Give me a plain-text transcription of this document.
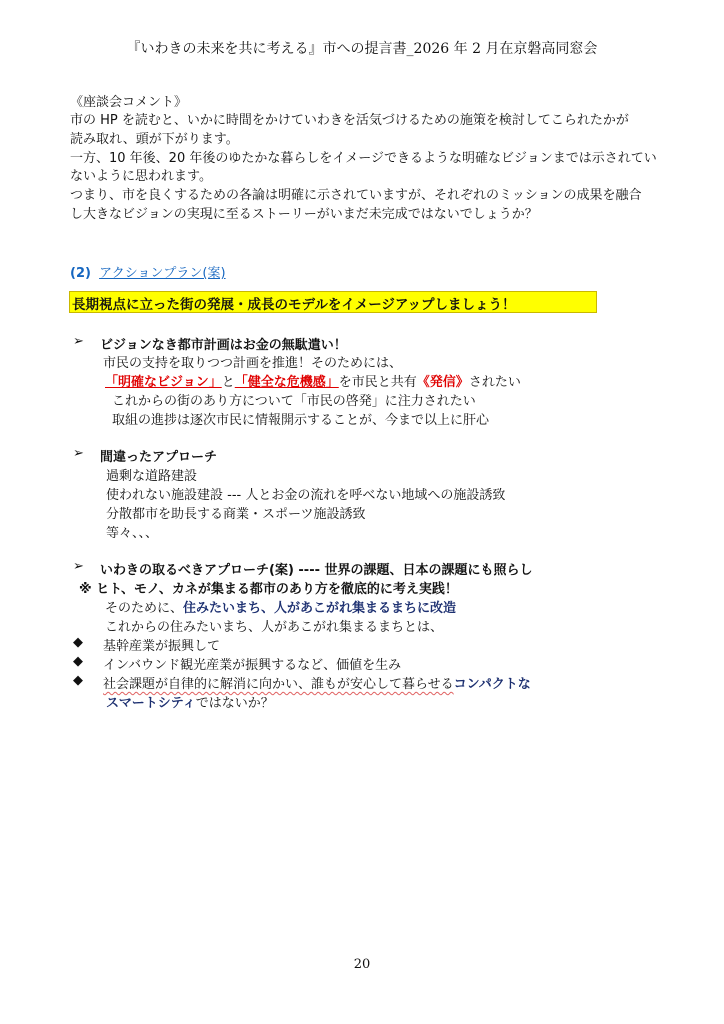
『いわきの未来を共に考える』市への提言書_2026 年 2 月在京磐高同窓会
《座談会コメント》
市の HP を読むと、いかに時間をかけていわきを活気づけるための施策を検討してこられたかが
読み取れ、頭が下がります。
一方、10 年後、20 年後のゆたかな暮らしをイメージできるような明確なビジョンまでは示されてい
ないように思われます。
つまり、市を良くするための各論は明確に示されていますが、それぞれのミッションの成果を融合
し大きなビジョンの実現に至るストーリーがいまだ未完成ではないでしょうか？
(2) アクションプラン(案)
長期視点に立った街の発展・成長のモデルをイメージアップしましょう！
➢ ビジョンなき都市計画はお金の無駄遣い！
市民の支持を取りつつ計画を推進！そのためには、
「明確なビジョン」と「健全な危機感」を市民と共有《発信》されたい
これからの街のあり方について「市民の啓発」に注力されたい
取組の進捗は逐次市民に情報開示することが、今まで以上に肝心
➢ 間違ったアプローチ
過剰な道路建設
使われない施設建設 --- 人とお金の流れを呼べない地域への施設誘致
分散都市を助長する商業・スポーツ施設誘致
等々、、、
➢ いわきの取るべきアプローチ(案) ---- 世界の課題、日本の課題にも照らし
※ ヒト、モノ、カネが集まる都市のあり方を徹底的に考え実践！
そのために、住みたいまち、人があこがれ集まるまちに改造
これからの住みたいまち、人があこがれ集まるまちとは、
◆ 基幹産業が振興して
◆ インバウンド観光産業が振興するなど、価値を生み
◆ 社会課題が自律的に解消に向かい、誰もが安心して暮らせるコンパクトな
スマートシティではないか？
20
